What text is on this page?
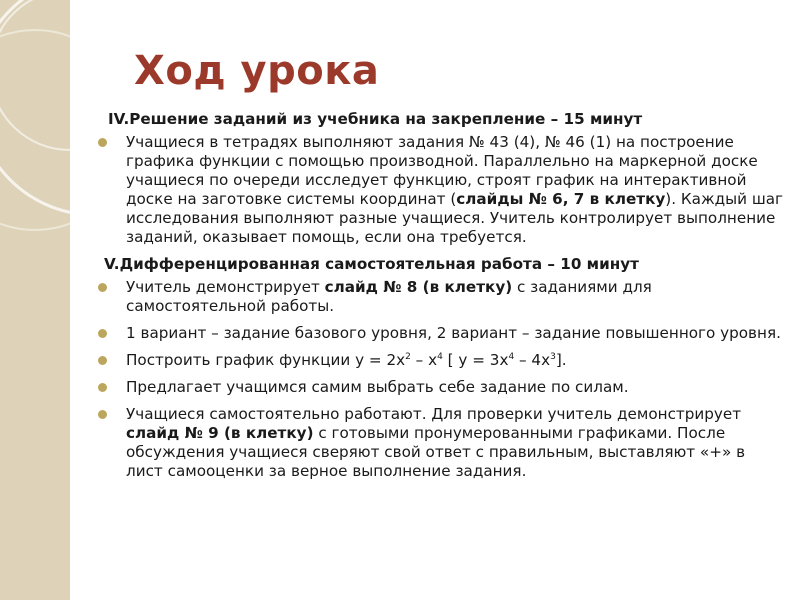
Ход урока
IV.Решение заданий из учебника на закрепление – 15 минут
Учащиеся в тетрадях выполняют задания № 43 (4), № 46 (1) на построение графика функции с помощью производной. Параллельно на маркерной доске учащиеся по очереди исследует функцию, строят график на интерактивной доске на заготовке системы координат (слайды № 6, 7 в клетку). Каждый шаг исследования выполняют разные учащиеся. Учитель контролирует выполнение заданий, оказывает помощь, если она требуется.
V.Дифференцированная самостоятельная работа – 10 минут
Учитель демонстрирует слайд № 8 (в клетку) с заданиями для самостоятельной работы.
1 вариант – задание базового уровня, 2 вариант – задание повышенного уровня.
Построить график функции $y = 2x^2 - x^4$ [ $y = 3x^4 - 4x^3$].
Предлагает учащимся самим выбрать себе задание по силам.
Учащиеся самостоятельно работают. Для проверки учитель демонстрирует слайд № 9 (в клетку) с готовыми пронумерованными графиками. После обсуждения учащиеся сверяют свой ответ с правильным, выставляют «+» в лист самооценки за верное выполнение задания.
